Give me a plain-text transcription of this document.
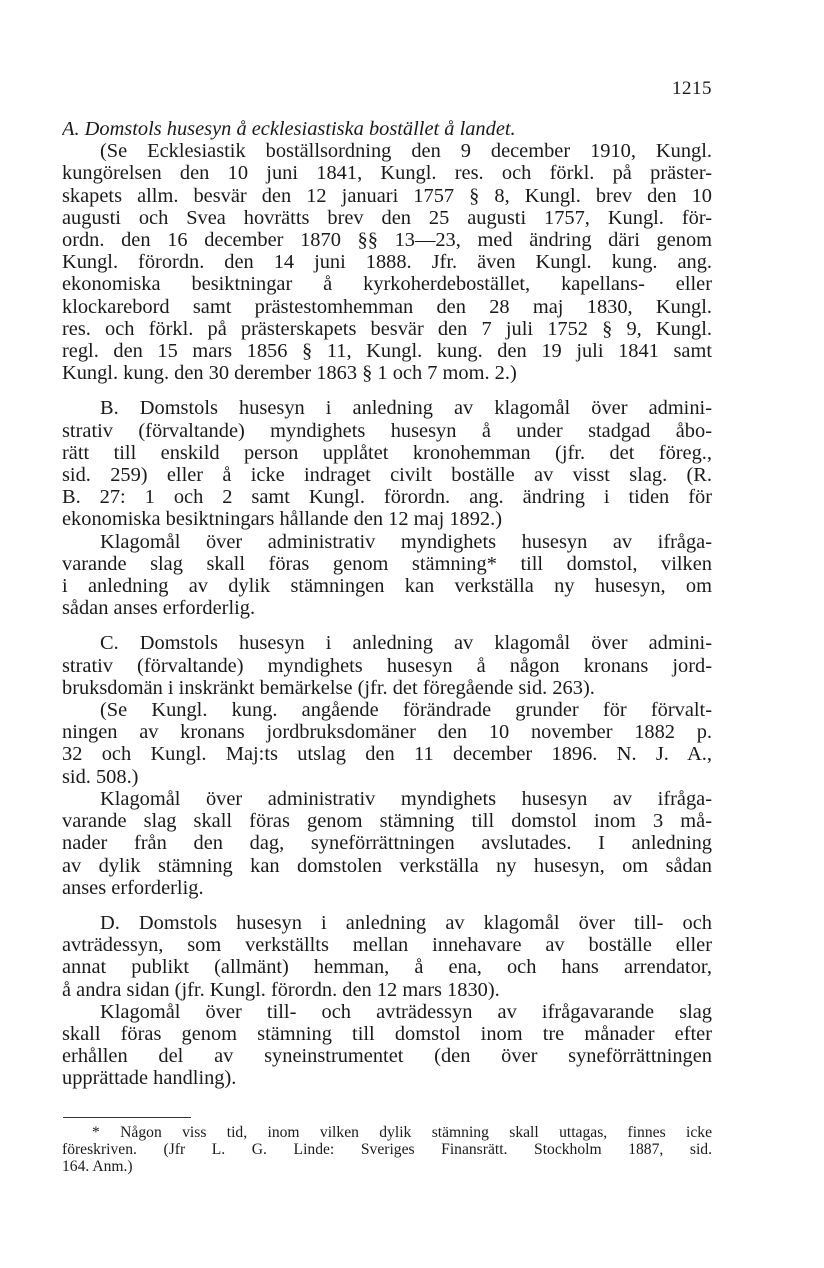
1215
A. Domstols husesyn å ecklesiastiska bostället å landet.
(Se Ecklesiastik boställsordning den 9 december 1910, Kungl.
kungörelsen den 10 juni 1841, Kungl. res. och förkl. på präster-
skapets allm. besvär den 12 januari 1757 § 8, Kungl. brev den 10
augusti och Svea hovrätts brev den 25 augusti 1757, Kungl. för-
ordn. den 16 december 1870 §§ 13—23, med ändring däri genom
Kungl. förordn. den 14 juni 1888. Jfr. även Kungl. kung. ang.
ekonomiska besiktningar å kyrkoherdebostället, kapellans- eller
klockarebord samt prästestomhemman den 28 maj 1830, Kungl.
res. och förkl. på prästerskapets besvär den 7 juli 1752 § 9, Kungl.
regl. den 15 mars 1856 § 11, Kungl. kung. den 19 juli 1841 samt
Kungl. kung. den 30 derember 1863 § 1 och 7 mom. 2.)
B. Domstols husesyn i anledning av klagomål över admini-
strativ (förvaltande) myndighets husesyn å under stadgad åbo-
rätt till enskild person upplåtet kronohemman (jfr. det föreg.,
sid. 259) eller å icke indraget civilt boställe av visst slag. (R.
B. 27: 1 och 2 samt Kungl. förordn. ang. ändring i tiden för
ekonomiska besiktningars hållande den 12 maj 1892.)
Klagomål över administrativ myndighets husesyn av ifråga-
varande slag skall föras genom stämning* till domstol, vilken
i anledning av dylik stämningen kan verkställa ny husesyn, om
sådan anses erforderlig.
C. Domstols husesyn i anledning av klagomål över admini-
strativ (förvaltande) myndighets husesyn å någon kronans jord-
bruksdomän i inskränkt bemärkelse (jfr. det föregående sid. 263).
(Se Kungl. kung. angående förändrade grunder för förvalt-
ningen av kronans jordbruksdomäner den 10 november 1882 p.
32 och Kungl. Maj:ts utslag den 11 december 1896. N. J. A.,
sid. 508.)
Klagomål över administrativ myndighets husesyn av ifråga-
varande slag skall föras genom stämning till domstol inom 3 må-
nader från den dag, syneförrättningen avslutades. I anledning
av dylik stämning kan domstolen verkställa ny husesyn, om sådan
anses erforderlig.
D. Domstols husesyn i anledning av klagomål över till- och
avträdessyn, som verkställts mellan innehavare av boställe eller
annat publikt (allmänt) hemman, å ena, och hans arrendator,
å andra sidan (jfr. Kungl. förordn. den 12 mars 1830).
Klagomål över till- och avträdessyn av ifrågavarande slag
skall föras genom stämning till domstol inom tre månader efter
erhållen del av syneinstrumentet (den över syneförrättningen
upprättade handling).
* Någon viss tid, inom vilken dylik stämning skall uttagas, finnes icke
föreskriven. (Jfr L. G. Linde: Sveriges Finansrätt. Stockholm 1887, sid.
164. Anm.)
